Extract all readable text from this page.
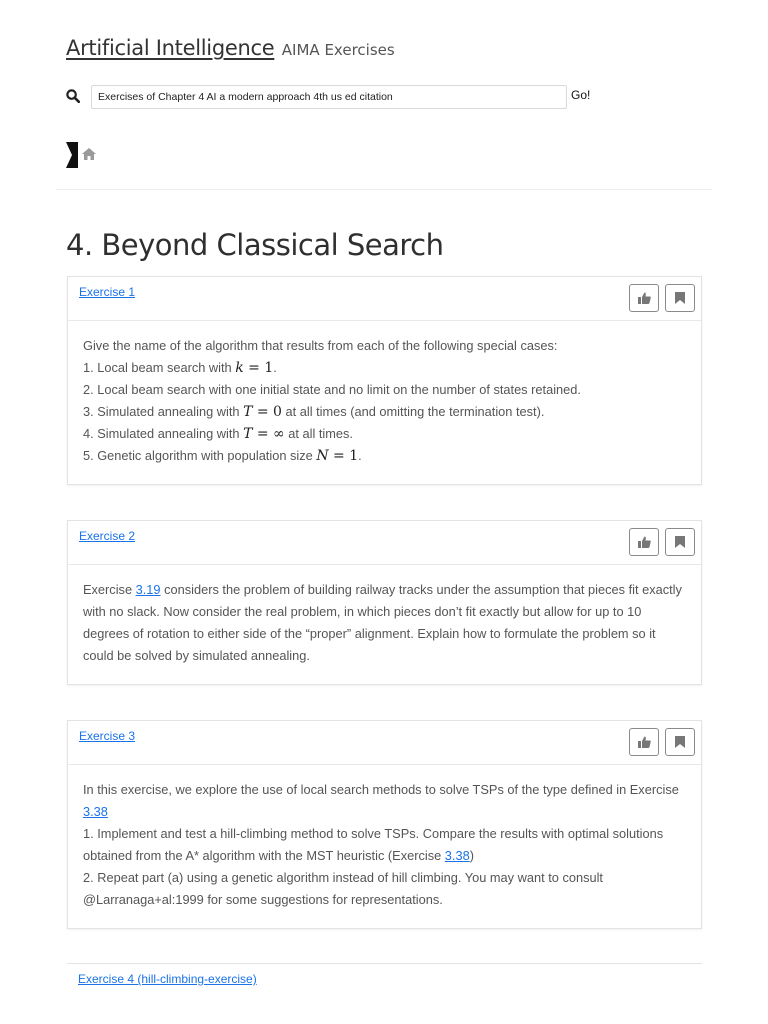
Artificial Intelligence AIMA Exercises
Exercises of Chapter 4 AI a modern approach 4th us ed citation
Go!
4. Beyond Classical Search
Exercise 1
Give the name of the algorithm that results from each of the following special cases:
1. Local beam search with k = 1.
2. Local beam search with one initial state and no limit on the number of states retained.
3. Simulated annealing with T = 0 at all times (and omitting the termination test).
4. Simulated annealing with T = ∞ at all times.
5. Genetic algorithm with population size N = 1.
Exercise 2
Exercise 3.19 considers the problem of building railway tracks under the assumption that pieces fit exactly with no slack. Now consider the real problem, in which pieces don’t fit exactly but allow for up to 10 degrees of rotation to either side of the “proper” alignment. Explain how to formulate the problem so it could be solved by simulated annealing.
Exercise 3
In this exercise, we explore the use of local search methods to solve TSPs of the type defined in Exercise 3.38
1. Implement and test a hill-climbing method to solve TSPs. Compare the results with optimal solutions obtained from the A* algorithm with the MST heuristic (Exercise 3.38)
2. Repeat part (a) using a genetic algorithm instead of hill climbing. You may want to consult @Larranaga+al:1999 for some suggestions for representations.
Exercise 4 (hill-climbing-exercise)
